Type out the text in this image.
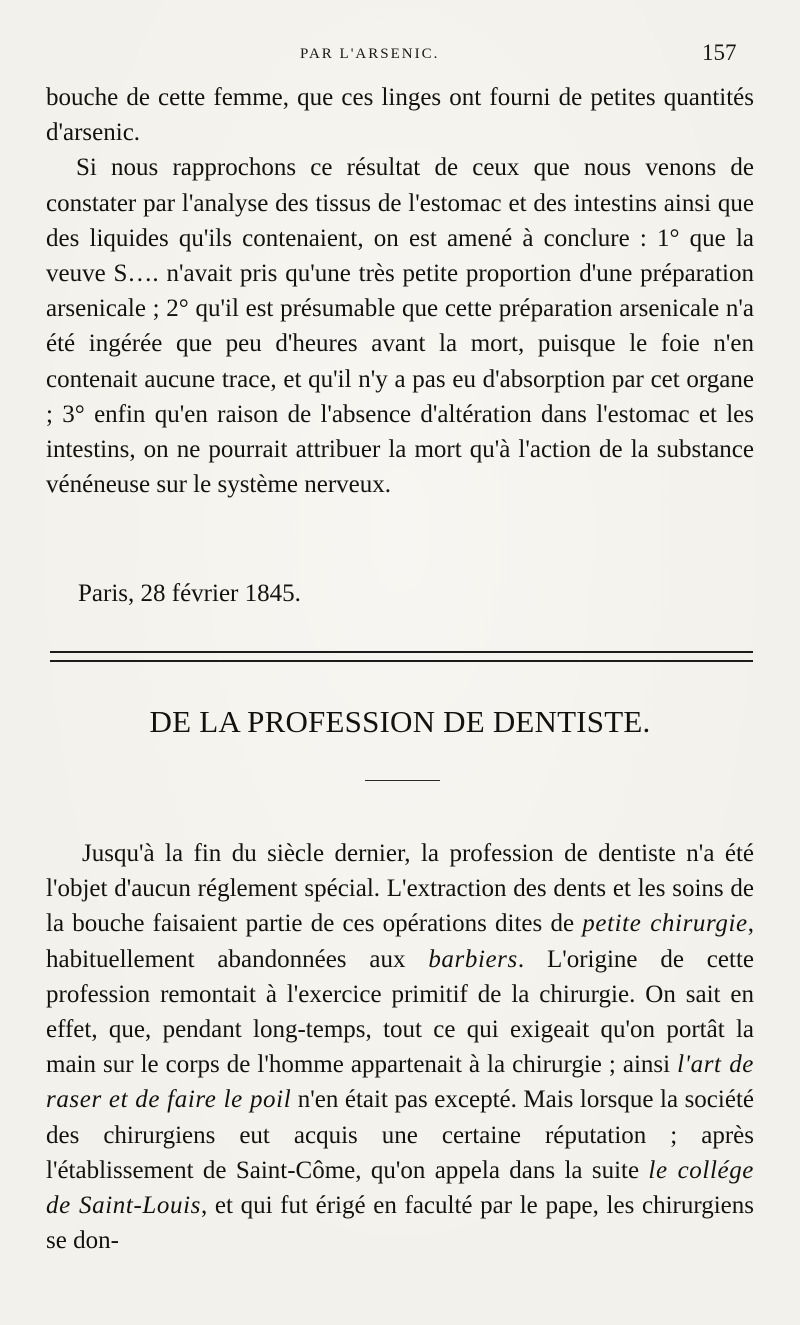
PAR L'ARSENIC.	157

bouche de cette femme, que ces linges ont fourni de petites quantités d'arsenic.

Si nous rapprochons ce résultat de ceux que nous venons de constater par l'analyse des tissus de l'estomac et des intestins ainsi que des liquides qu'ils contenaient, on est amené à conclure : 1° que la veuve S…. n'avait pris qu'une très petite proportion d'une préparation arsenicale ; 2° qu'il est présumable que cette préparation arsenicale n'a été ingérée que peu d'heures avant la mort, puisque le foie n'en contenait aucune trace, et qu'il n'y a pas eu d'absorption par cet organe ; 3° enfin qu'en raison de l'absence d'altération dans l'estomac et les intestins, on ne pourrait attribuer la mort qu'à l'action de la substance vénéneuse sur le système nerveux.

Paris, 28 février 1845.
DE LA PROFESSION DE DENTISTE.

Jusqu'à la fin du siècle dernier, la profession de dentiste n'a été l'objet d'aucun réglement spécial. L'extraction des dents et les soins de la bouche faisaient partie de ces opérations dites de petite chirurgie, habituellement abandonnées aux barbiers. L'origine de cette profession remontait à l'exercice primitif de la chirurgie. On sait en effet, que, pendant long-temps, tout ce qui exigeait qu'on portât la main sur le corps de l'homme appartenait à la chirurgie ; ainsi l'art de raser et de faire le poil n'en était pas excepté. Mais lorsque la société des chirurgiens eut acquis une certaine réputation ; après l'établissement de Saint-Côme, qu'on appela dans la suite le collége de Saint-Louis, et qui fut érigé en faculté par le pape, les chirurgiens se don-
